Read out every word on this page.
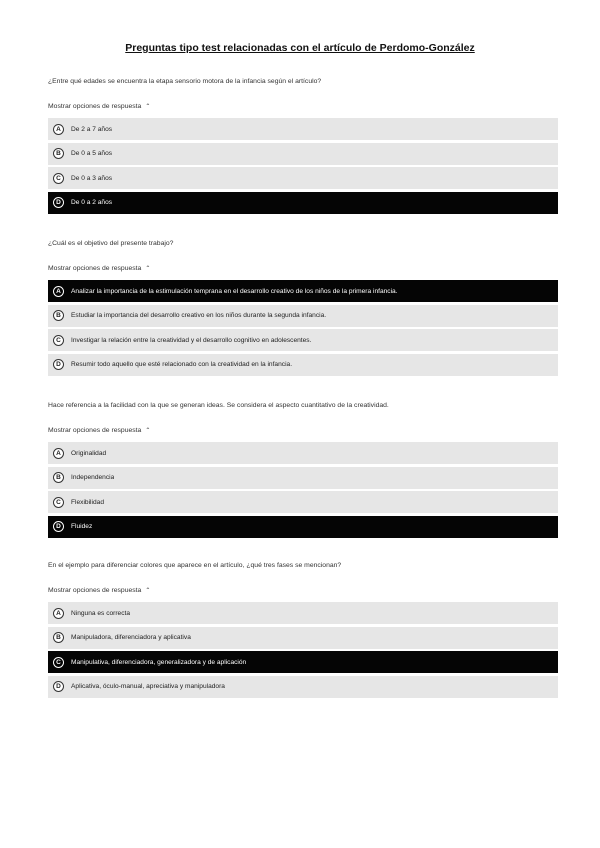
Preguntas tipo test relacionadas con el artículo de Perdomo-González
¿Entre qué edades se encuentra la etapa sensorio motora de la infancia según el artículo?
Mostrar opciones de respuesta ⌃
A	De 2 a 7 años
B	De 0 a 5 años
C	De 0 a 3 años
D	De 0 a 2 años
¿Cuál es el objetivo del presente trabajo?
Mostrar opciones de respuesta ⌃
A	Analizar la importancia de la estimulación temprana en el desarrollo creativo de los niños de la primera infancia.
B	Estudiar la importancia del desarrollo creativo en los niños durante la segunda infancia.
C	Investigar la relación entre la creatividad y el desarrollo cognitivo en adolescentes.
D	Resumir todo aquello que esté relacionado con la creatividad en la infancia.
Hace referencia a la facilidad con la que se generan ideas. Se considera el aspecto cuantitativo de la creatividad.
Mostrar opciones de respuesta ⌃
A	Originalidad
B	Independencia
C	Flexibilidad
D	Fluidez
En el ejemplo para diferenciar colores que aparece en el artículo, ¿qué tres fases se mencionan?
Mostrar opciones de respuesta ⌃
A	Ninguna es correcta
B	Manipuladora, diferenciadora y aplicativa
C	Manipulativa, diferenciadora, generalizadora y de aplicación
D	Aplicativa, óculo-manual, apreciativa y manipuladora
